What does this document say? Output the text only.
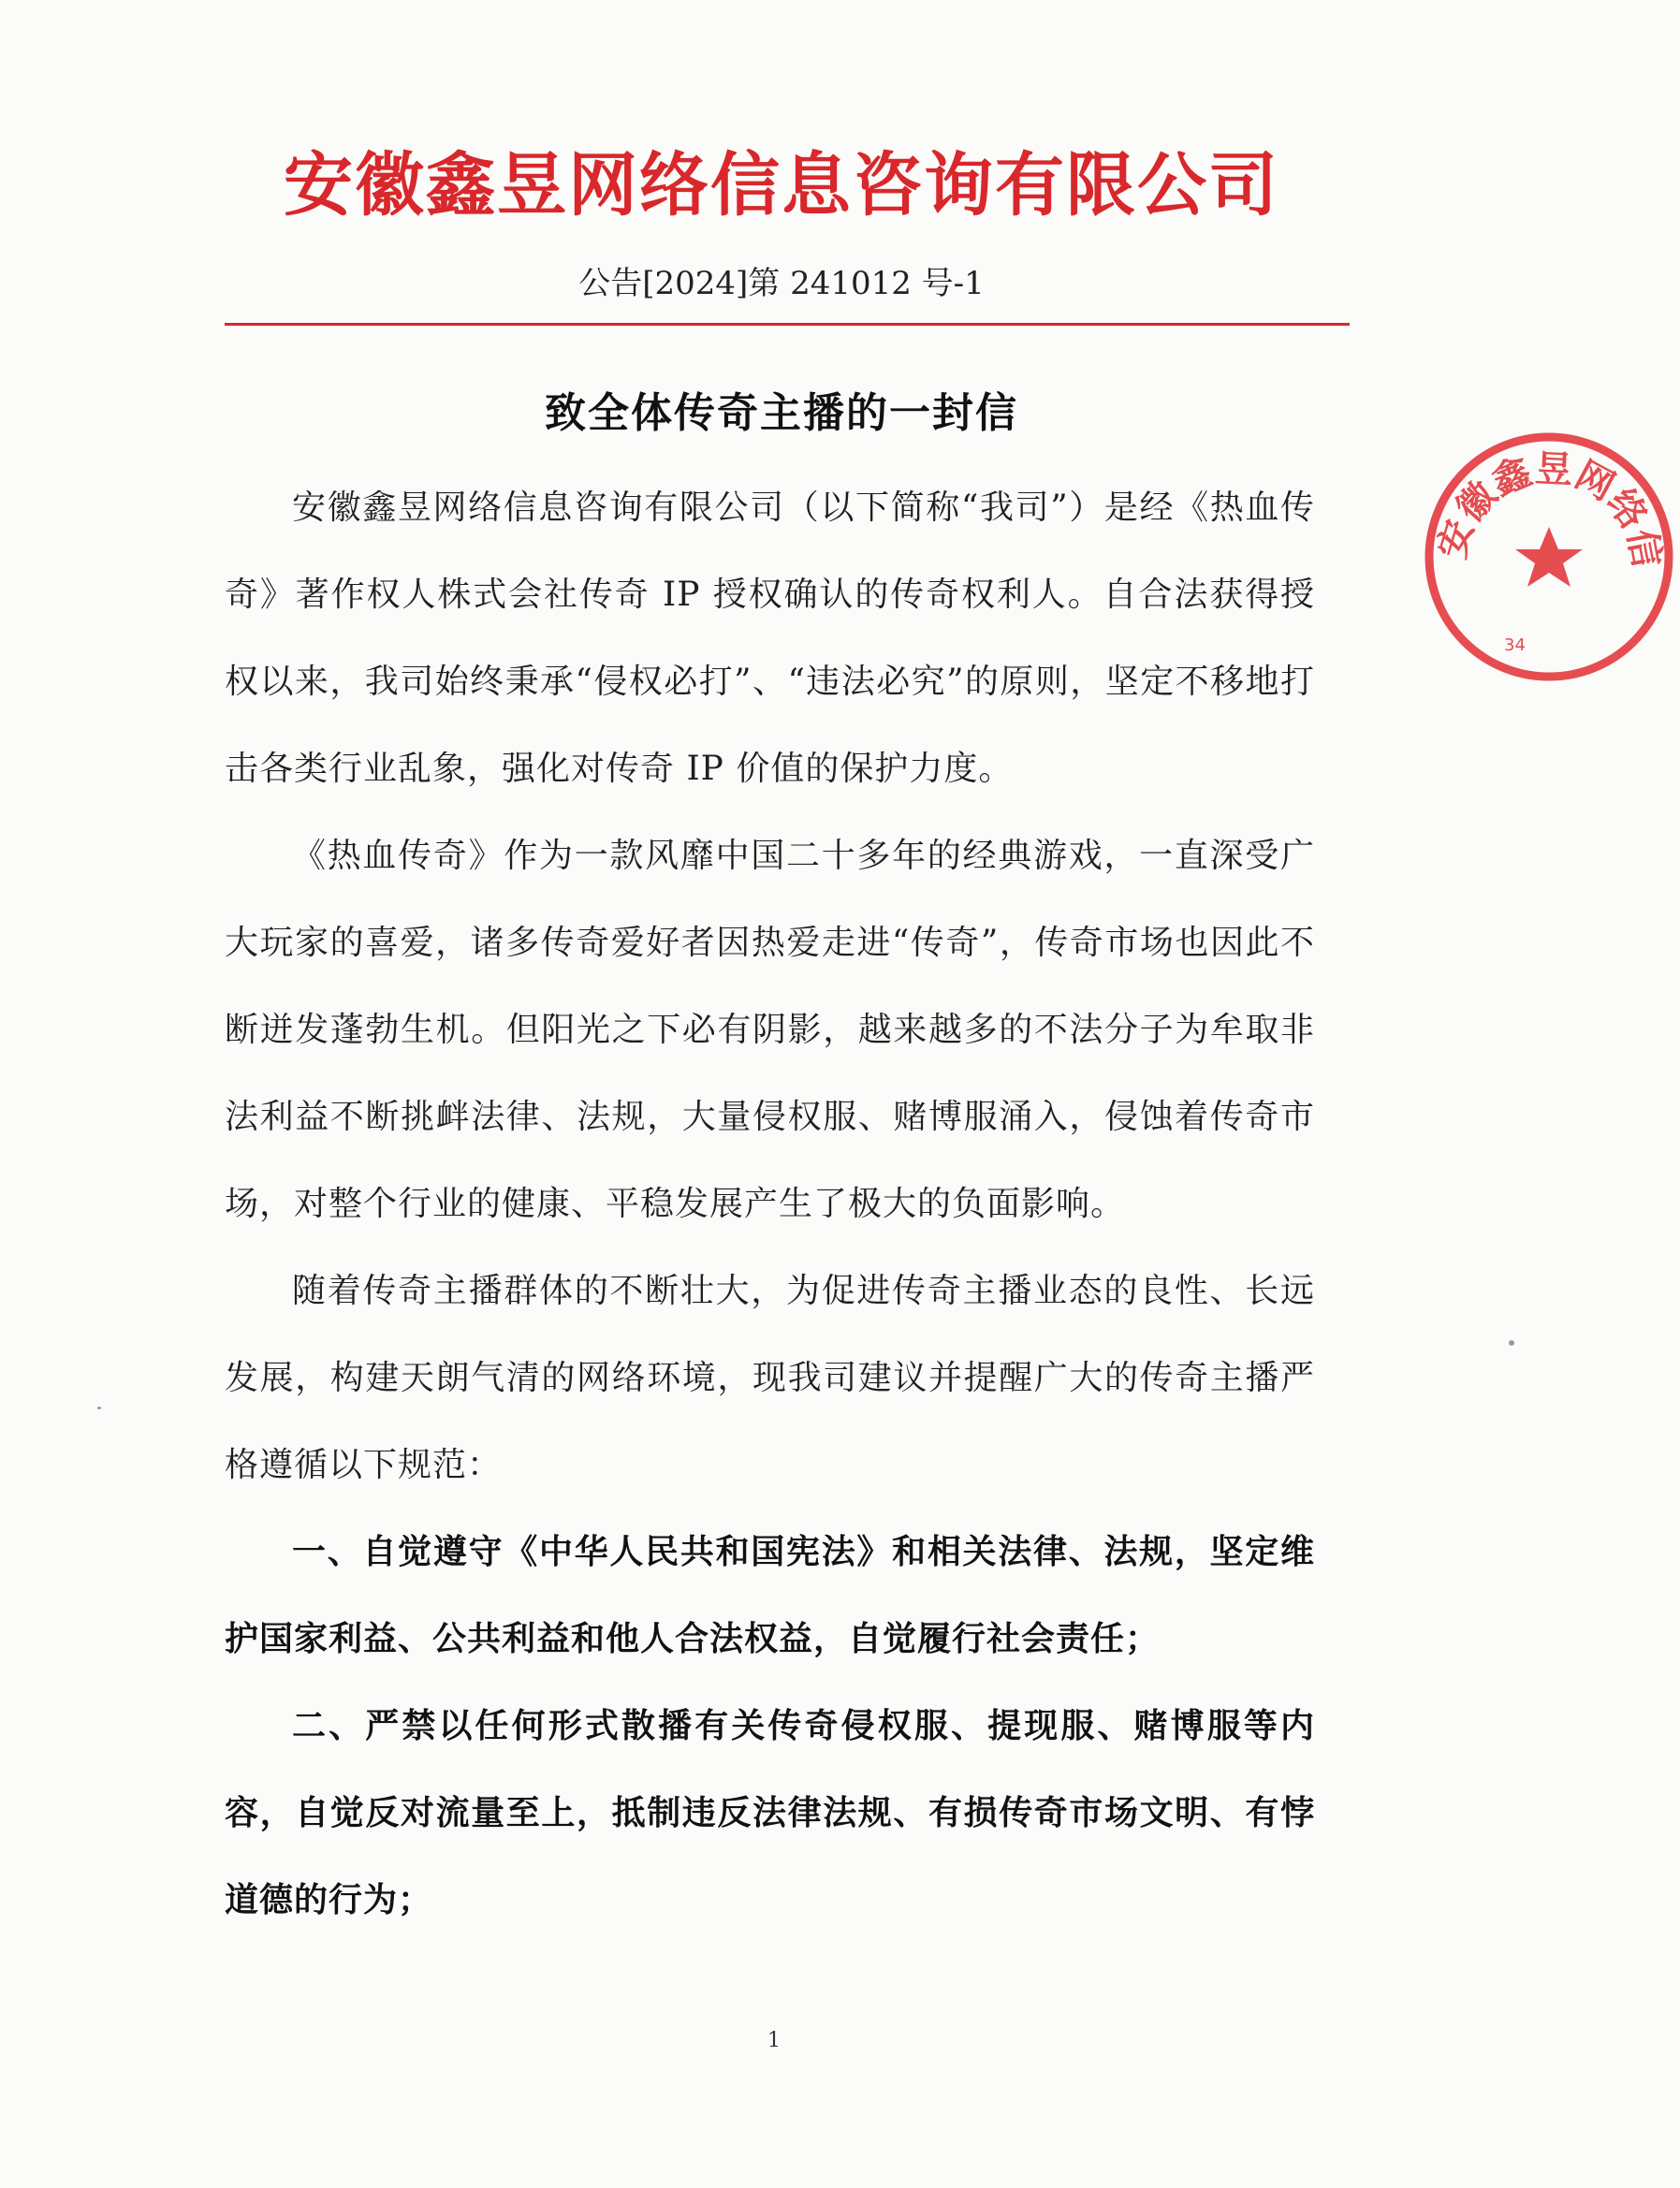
安徽鑫昱网络信息咨询有限公司
公告[2024]第 241012 号-1
致全体传奇主播的一封信

安徽鑫昱网络信息咨询有限公司（以下简称“我司”）是经《热血传奇》著作权人株式会社传奇 IP 授权确认的传奇权利人。自合法获得授权以来，我司始终秉承“侵权必打”、“违法必究”的原则，坚定不移地打击各类行业乱象，强化对传奇 IP 价值的保护力度。

《热血传奇》作为一款风靡中国二十多年的经典游戏，一直深受广大玩家的喜爱，诸多传奇爱好者因热爱走进“传奇”，传奇市场也因此不断迸发蓬勃生机。但阳光之下必有阴影，越来越多的不法分子为牟取非法利益不断挑衅法律、法规，大量侵权服、赌博服涌入，侵蚀着传奇市场，对整个行业的健康、平稳发展产生了极大的负面影响。

随着传奇主播群体的不断壮大，为促进传奇主播业态的良性、长远发展，构建天朗气清的网络环境，现我司建议并提醒广大的传奇主播严格遵循以下规范：

一、自觉遵守《中华人民共和国宪法》和相关法律、法规，坚定维护国家利益、公共利益和他人合法权益，自觉履行社会责任；

二、严禁以任何形式散播有关传奇侵权服、提现服、赌博服等内容，自觉反对流量至上，抵制违反法律法规、有损传奇市场文明、有悖道德的行为；

1
安徽鑫昱网络信
34
